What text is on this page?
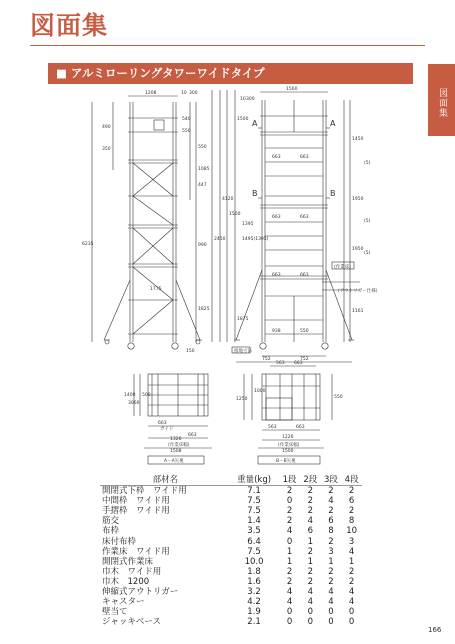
図面集
■ アルミローリングタワーワイドタイプ
図面集
1208	10 300
490
350
540
550
550
1085
447
4120
1500
2450
990
1825
1500
1875
6235
1775
150
1560
10 300
1395
1495(1395)
663	663
663	663
663	663
1450
1950
1950
1161
(5)
(5)
(5)
A	A
B	B
(作業床)
(アウトリガー仕様)
938	550
752	752
接地寸法
1400
3060
500
663
663
ガイド
1326
1508
(作業床幅)
A－A矢視
1250
1000
550
563 663
563	663
1226
1500
(作業床幅)
B－B矢視
部材名	重量(kg)	1段	2段	3段	4段
開閉式下枠　ワイド用	7.1	2	2	2	2
中間枠　ワイド用	7.5	0	2	4	6
手摺枠　ワイド用	7.5	2	2	2	2
筋交	1.4	2	4	6	8
布枠	3.5	4	6	8	10
床付布枠	6.4	0	1	2	3
作業床　ワイド用	7.5	1	2	3	4
開閉式作業床	10.0	1	1	1	1
巾木　ワイド用	1.8	2	2	2	2
巾木　1200	1.6	2	2	2	2
伸縮式アウトリガー	3.2	4	4	4	4
キャスター	4.2	4	4	4	4
壁当て	1.9	0	0	0	0
ジャッキベース	2.1	0	0	0	0
166
